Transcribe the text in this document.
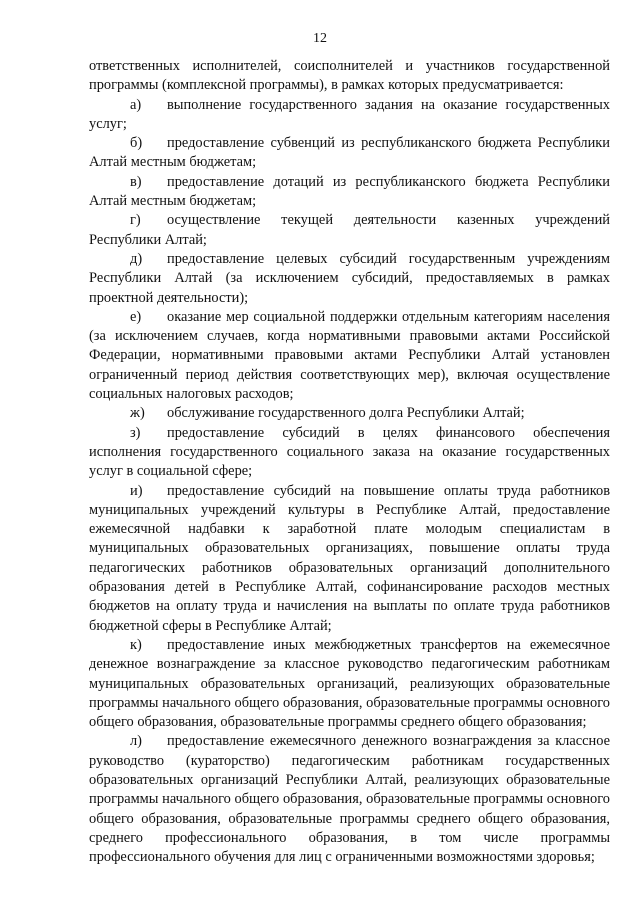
12

ответственных исполнителей, соисполнителей и участников государственной программы (комплексной программы), в рамках которых предусматривается:

а) выполнение государственного задания на оказание государственных услуг;

б) предоставление субвенций из республиканского бюджета Республики Алтай местным бюджетам;

в) предоставление дотаций из республиканского бюджета Республики Алтай местным бюджетам;

г) осуществление текущей деятельности казенных учреждений Республики Алтай;

д) предоставление целевых субсидий государственным учреждениям Республики Алтай (за исключением субсидий, предоставляемых в рамках проектной деятельности);

е) оказание мер социальной поддержки отдельным категориям населения (за исключением случаев, когда нормативными правовыми актами Российской Федерации, нормативными правовыми актами Республики Алтай установлен ограниченный период действия соответствующих мер), включая осуществление социальных налоговых расходов;

ж) обслуживание государственного долга Республики Алтай;

з) предоставление субсидий в целях финансового обеспечения исполнения государственного социального заказа на оказание государственных услуг в социальной сфере;

и) предоставление субсидий на повышение оплаты труда работников муниципальных учреждений культуры в Республике Алтай, предоставление ежемесячной надбавки к заработной плате молодым специалистам в муниципальных образовательных организациях, повышение оплаты труда педагогических работников образовательных организаций дополнительного образования детей в Республике Алтай, софинансирование расходов местных бюджетов на оплату труда и начисления на выплаты по оплате труда работников бюджетной сферы в Республике Алтай;

к) предоставление иных межбюджетных трансфертов на ежемесячное денежное вознаграждение за классное руководство педагогическим работникам муниципальных образовательных организаций, реализующих образовательные программы начального общего образования, образовательные программы основного общего образования, образовательные программы среднего общего образования;

л) предоставление ежемесячного денежного вознаграждения за классное руководство (кураторство) педагогическим работникам государственных образовательных организаций Республики Алтай, реализующих образовательные программы начального общего образования, образовательные программы основного общего образования, образовательные программы среднего общего образования, среднего профессионального образования, в том числе программы профессионального обучения для лиц с ограниченными возможностями здоровья;
